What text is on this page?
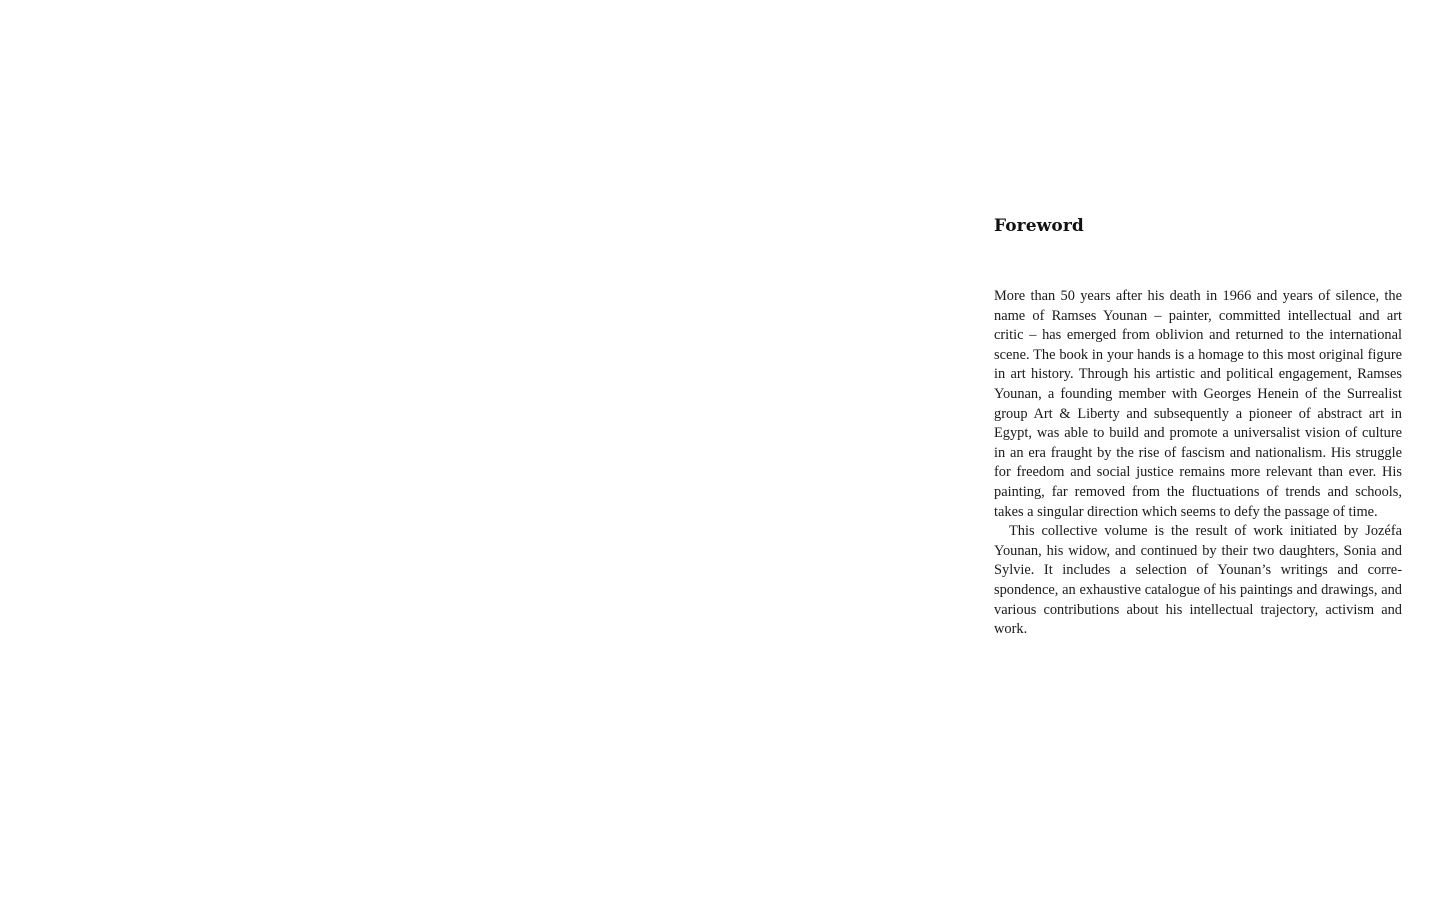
Foreword

More than 50 years after his death in 1966 and years of silence, the name of Ramses Younan – painter, committed intellectual and art critic – has emerged from oblivion and returned to the international scene. The book in your hands is a homage to this most original figure in art history. Through his artistic and political engagement, Ramses Younan, a founding member with Georges Henein of the Surrealist group Art & Liberty and subsequently a pioneer of abstract art in Egypt, was able to build and promote a universalist vision of culture in an era fraught by the rise of fascism and nationalism. His struggle for freedom and social justice remains more relevant than ever. His painting, far removed from the fluctuations of trends and schools, takes a singular direction which seems to defy the passage of time.

This collective volume is the result of work initiated by Jozéfa Younan, his widow, and continued by their two daughters, Sonia and Sylvie. It includes a selection of Younan’s writings and correspondence, an exhaustive catalogue of his paintings and drawings, and various contributions about his intellectual trajectory, activism and work.
